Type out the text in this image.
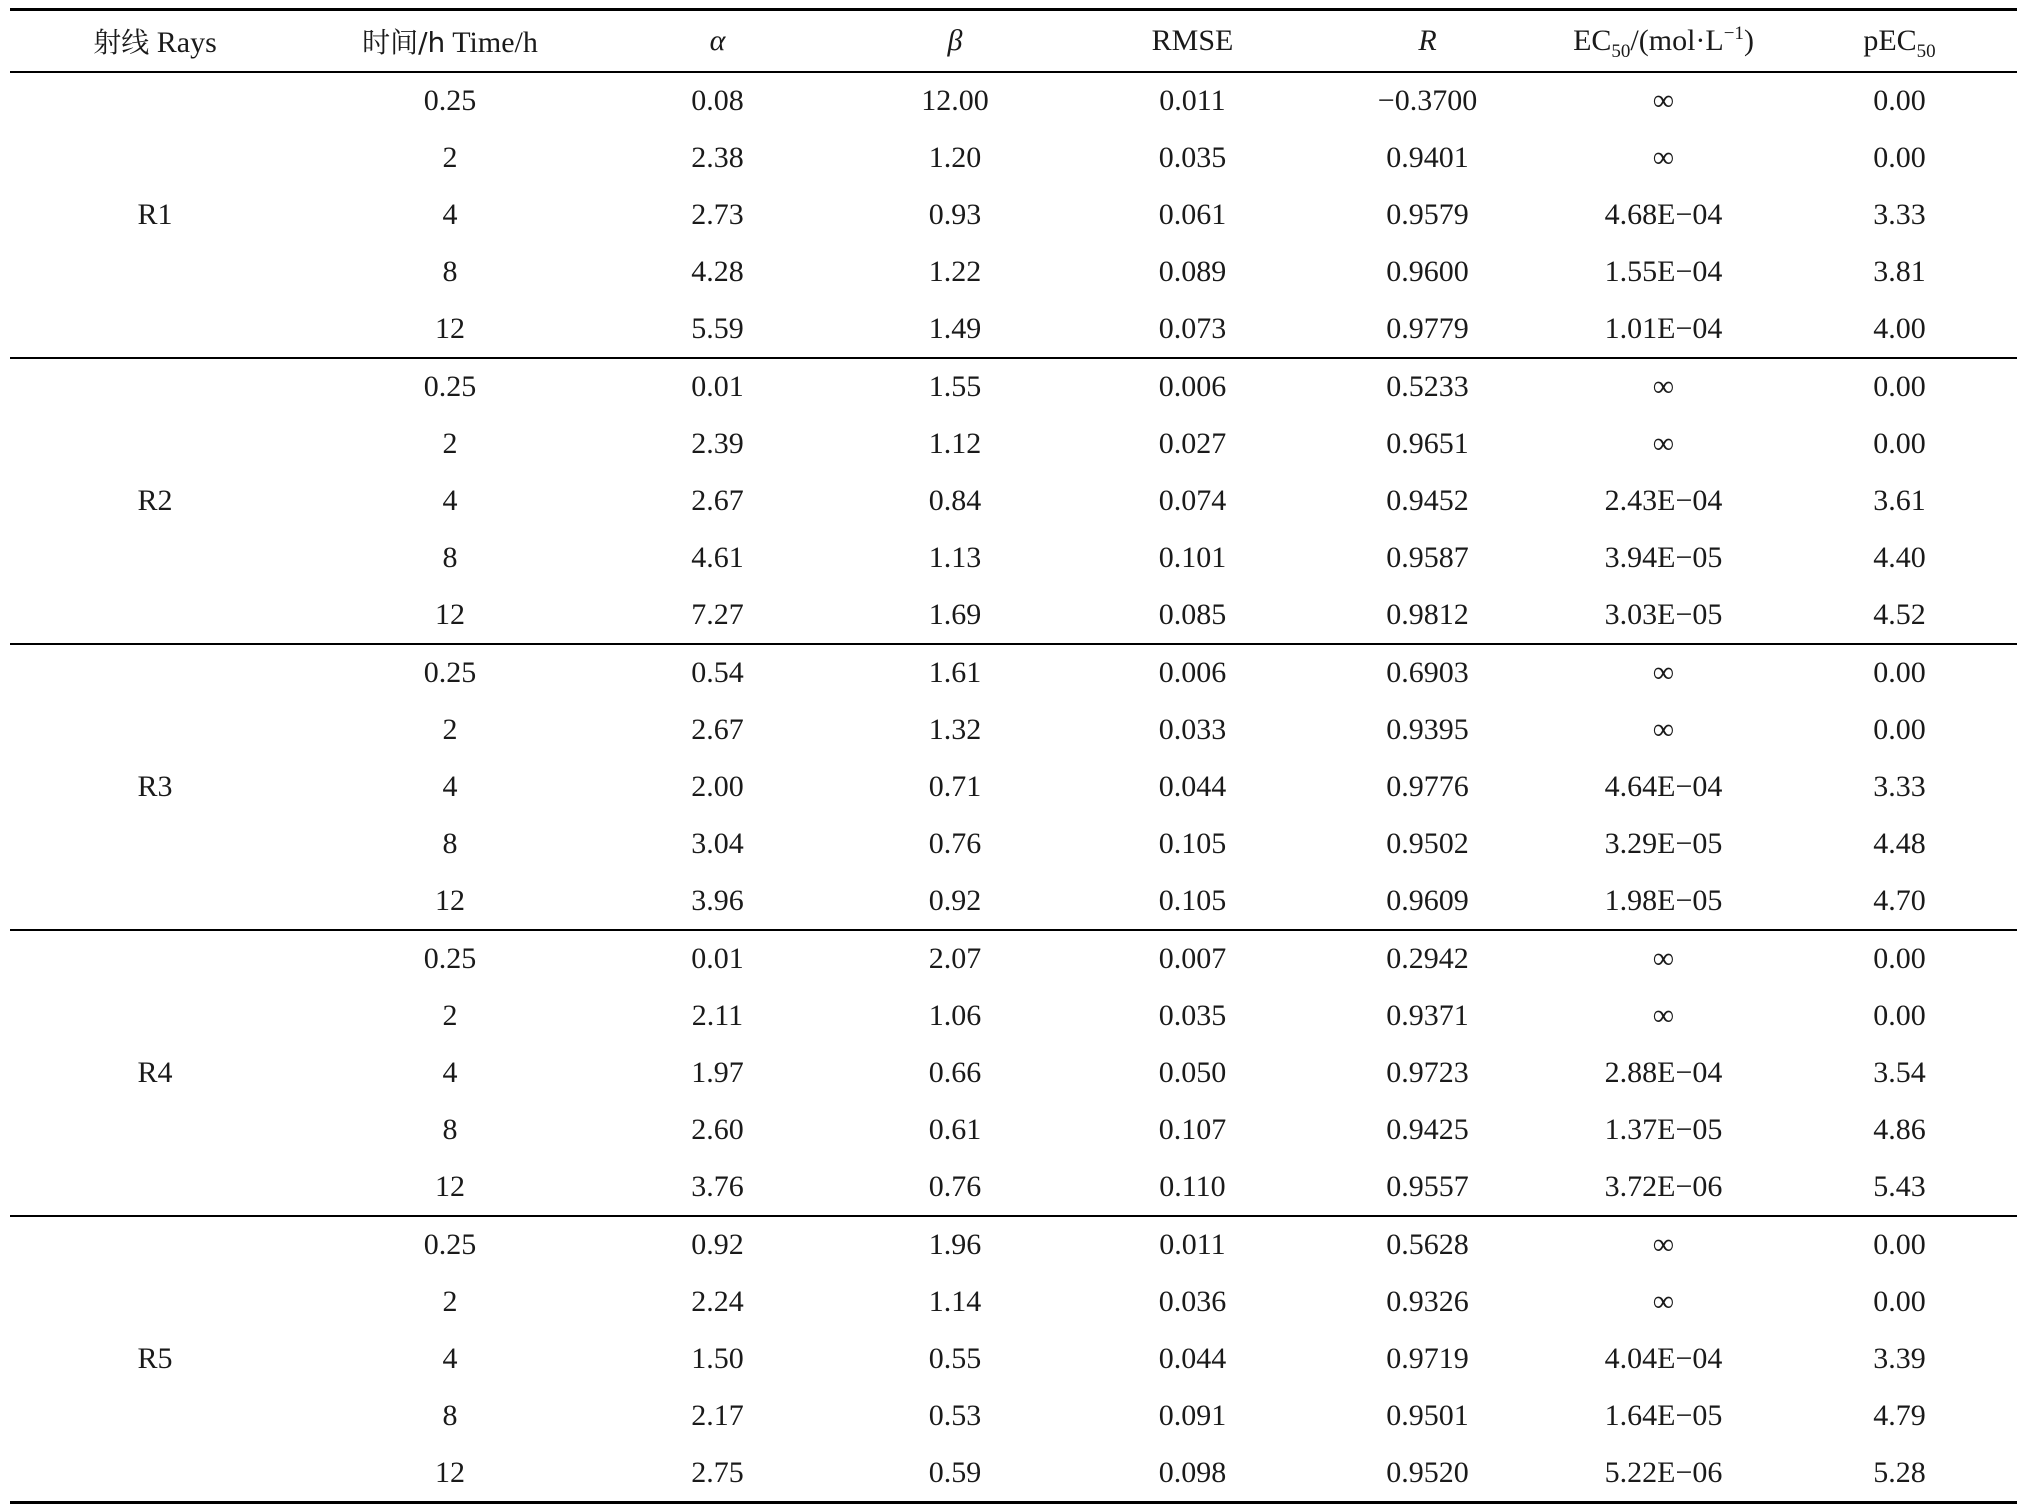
射线 Rays	时间/h Time/h	α	β	RMSE	R	$EC_{50}/(mol\cdot L^{-1})$	pEC$_{50}$
R1	0.25	0.08	12.00	0.011	−0.3700	∞	0.00
	2	2.38	1.20	0.035	0.9401	∞	0.00
	4	2.73	0.93	0.061	0.9579	4.68E−04	3.33
	8	4.28	1.22	0.089	0.9600	1.55E−04	3.81
	12	5.59	1.49	0.073	0.9779	1.01E−04	4.00
R2	0.25	0.01	1.55	0.006	0.5233	∞	0.00
	2	2.39	1.12	0.027	0.9651	∞	0.00
	4	2.67	0.84	0.074	0.9452	2.43E−04	3.61
	8	4.61	1.13	0.101	0.9587	3.94E−05	4.40
	12	7.27	1.69	0.085	0.9812	3.03E−05	4.52
R3	0.25	0.54	1.61	0.006	0.6903	∞	0.00
	2	2.67	1.32	0.033	0.9395	∞	0.00
	4	2.00	0.71	0.044	0.9776	4.64E−04	3.33
	8	3.04	0.76	0.105	0.9502	3.29E−05	4.48
	12	3.96	0.92	0.105	0.9609	1.98E−05	4.70
R4	0.25	0.01	2.07	0.007	0.2942	∞	0.00
	2	2.11	1.06	0.035	0.9371	∞	0.00
	4	1.97	0.66	0.050	0.9723	2.88E−04	3.54
	8	2.60	0.61	0.107	0.9425	1.37E−05	4.86
	12	3.76	0.76	0.110	0.9557	3.72E−06	5.43
R5	0.25	0.92	1.96	0.011	0.5628	∞	0.00
	2	2.24	1.14	0.036	0.9326	∞	0.00
	4	1.50	0.55	0.044	0.9719	4.04E−04	3.39
	8	2.17	0.53	0.091	0.9501	1.64E−05	4.79
	12	2.75	0.59	0.098	0.9520	5.22E−06	5.28
